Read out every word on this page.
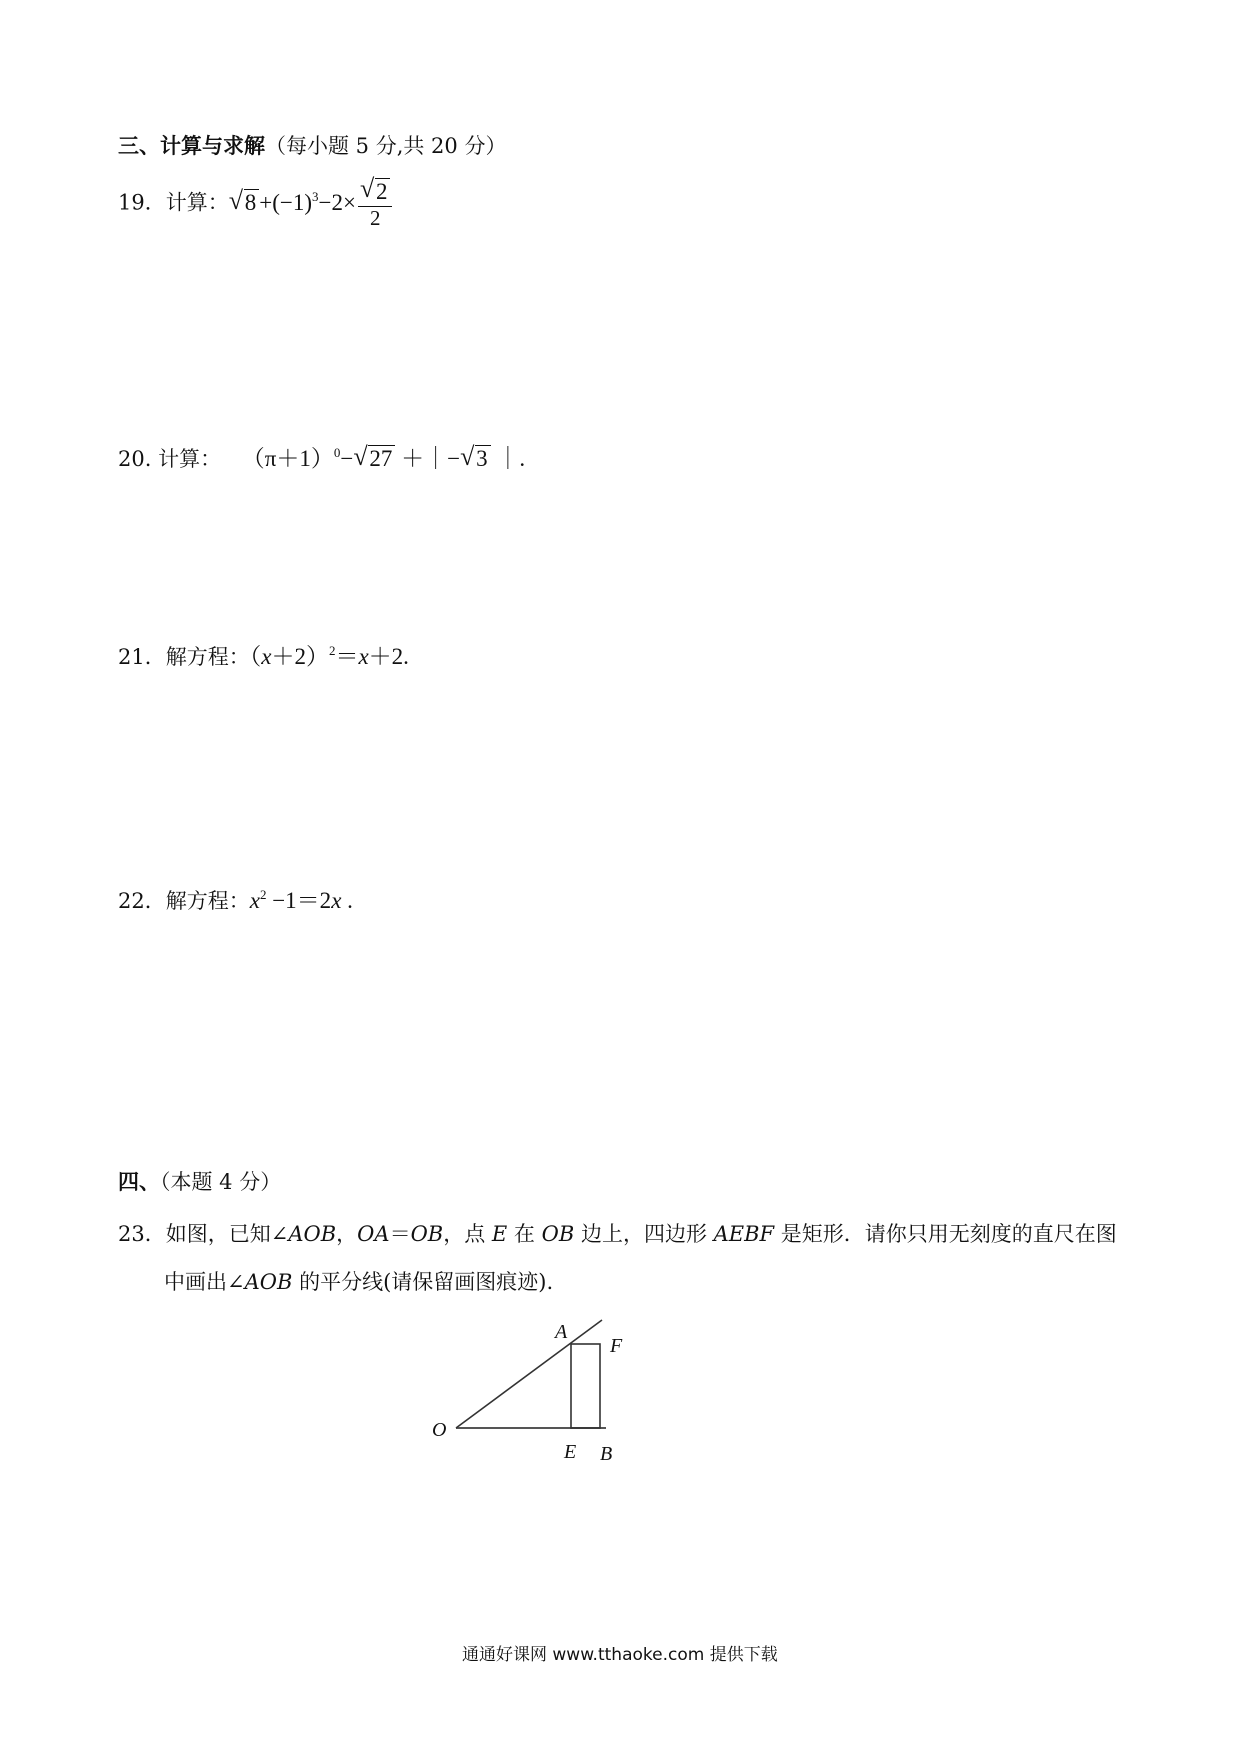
三、计算与求解（每小题 5 分,共 20 分）
19．计算： √ $8 +(-1)^3-2\times \frac{√ 2}{2}$
20. 计算： $(\pi+1)^0-$ √ 27 ＋｜− √ 3 ｜.
21．解方程：$(x+2)^2=x+2$.
22．解方程：$x^2 -1=2x$ .
四、（本题 4 分）
23．如图，已知∠AOB，OA＝OB，点 E 在 OB 边上，四边形 AEBF 是矩形．请你只用无刻度的直尺在图
中画出∠AOB 的平分线(请保留画图痕迹).
O
A
F
E B
通通好课网 www.tthaoke.com 提供下载
